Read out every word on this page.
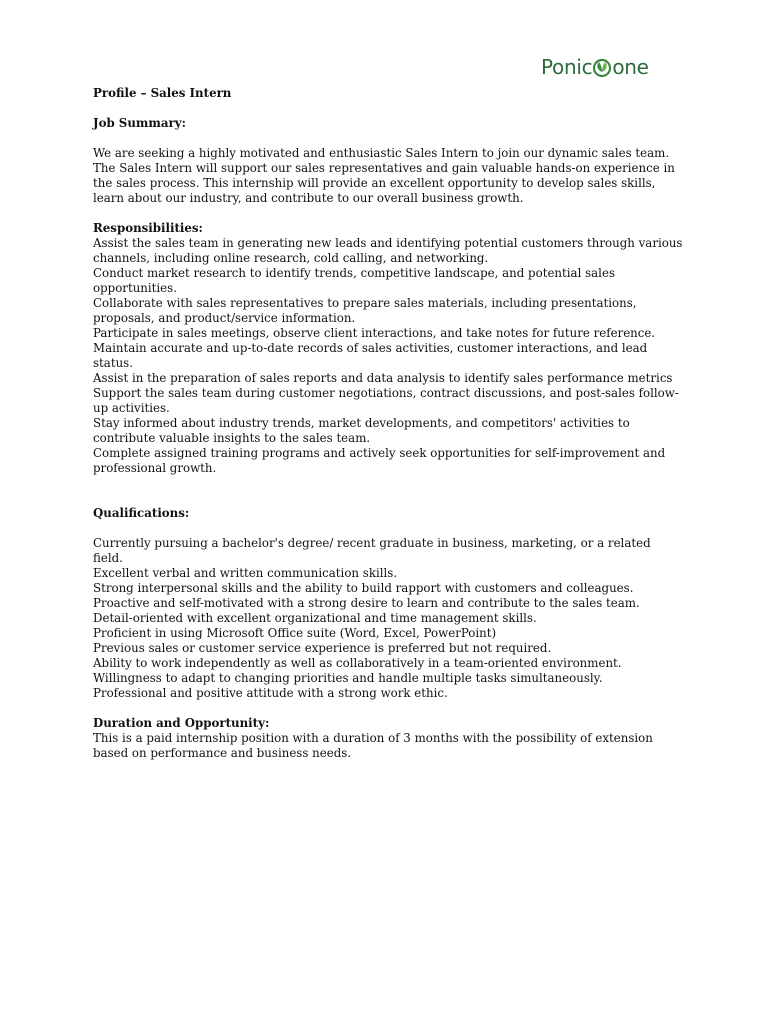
Ponic one

Profile – Sales Intern

Job Summary:

We are seeking a highly motivated and enthusiastic Sales Intern to join our dynamic sales team. The Sales Intern will support our sales representatives and gain valuable hands-on experience in the sales process. This internship will provide an excellent opportunity to develop sales skills, learn about our industry, and contribute to our overall business growth.

Responsibilities:

Assist the sales team in generating new leads and identifying potential customers through various channels, including online research, cold calling, and networking.
Conduct market research to identify trends, competitive landscape, and potential sales opportunities.
Collaborate with sales representatives to prepare sales materials, including presentations, proposals, and product/service information.
Participate in sales meetings, observe client interactions, and take notes for future reference.
Maintain accurate and up-to-date records of sales activities, customer interactions, and lead status.
Assist in the preparation of sales reports and data analysis to identify sales performance metrics
Support the sales team during customer negotiations, contract discussions, and post-sales follow-up activities.
Stay informed about industry trends, market developments, and competitors' activities to contribute valuable insights to the sales team.
Complete assigned training programs and actively seek opportunities for self-improvement and professional growth.

Qualifications:

Currently pursuing a bachelor's degree/ recent graduate in business, marketing, or a related field.
Excellent verbal and written communication skills.
Strong interpersonal skills and the ability to build rapport with customers and colleagues.
Proactive and self-motivated with a strong desire to learn and contribute to the sales team.
Detail-oriented with excellent organizational and time management skills.
Proficient in using Microsoft Office suite (Word, Excel, PowerPoint)
Previous sales or customer service experience is preferred but not required.
Ability to work independently as well as collaboratively in a team-oriented environment.
Willingness to adapt to changing priorities and handle multiple tasks simultaneously.
Professional and positive attitude with a strong work ethic.

Duration and Opportunity:

This is a paid internship position with a duration of 3 months with the possibility of extension based on performance and business needs.
